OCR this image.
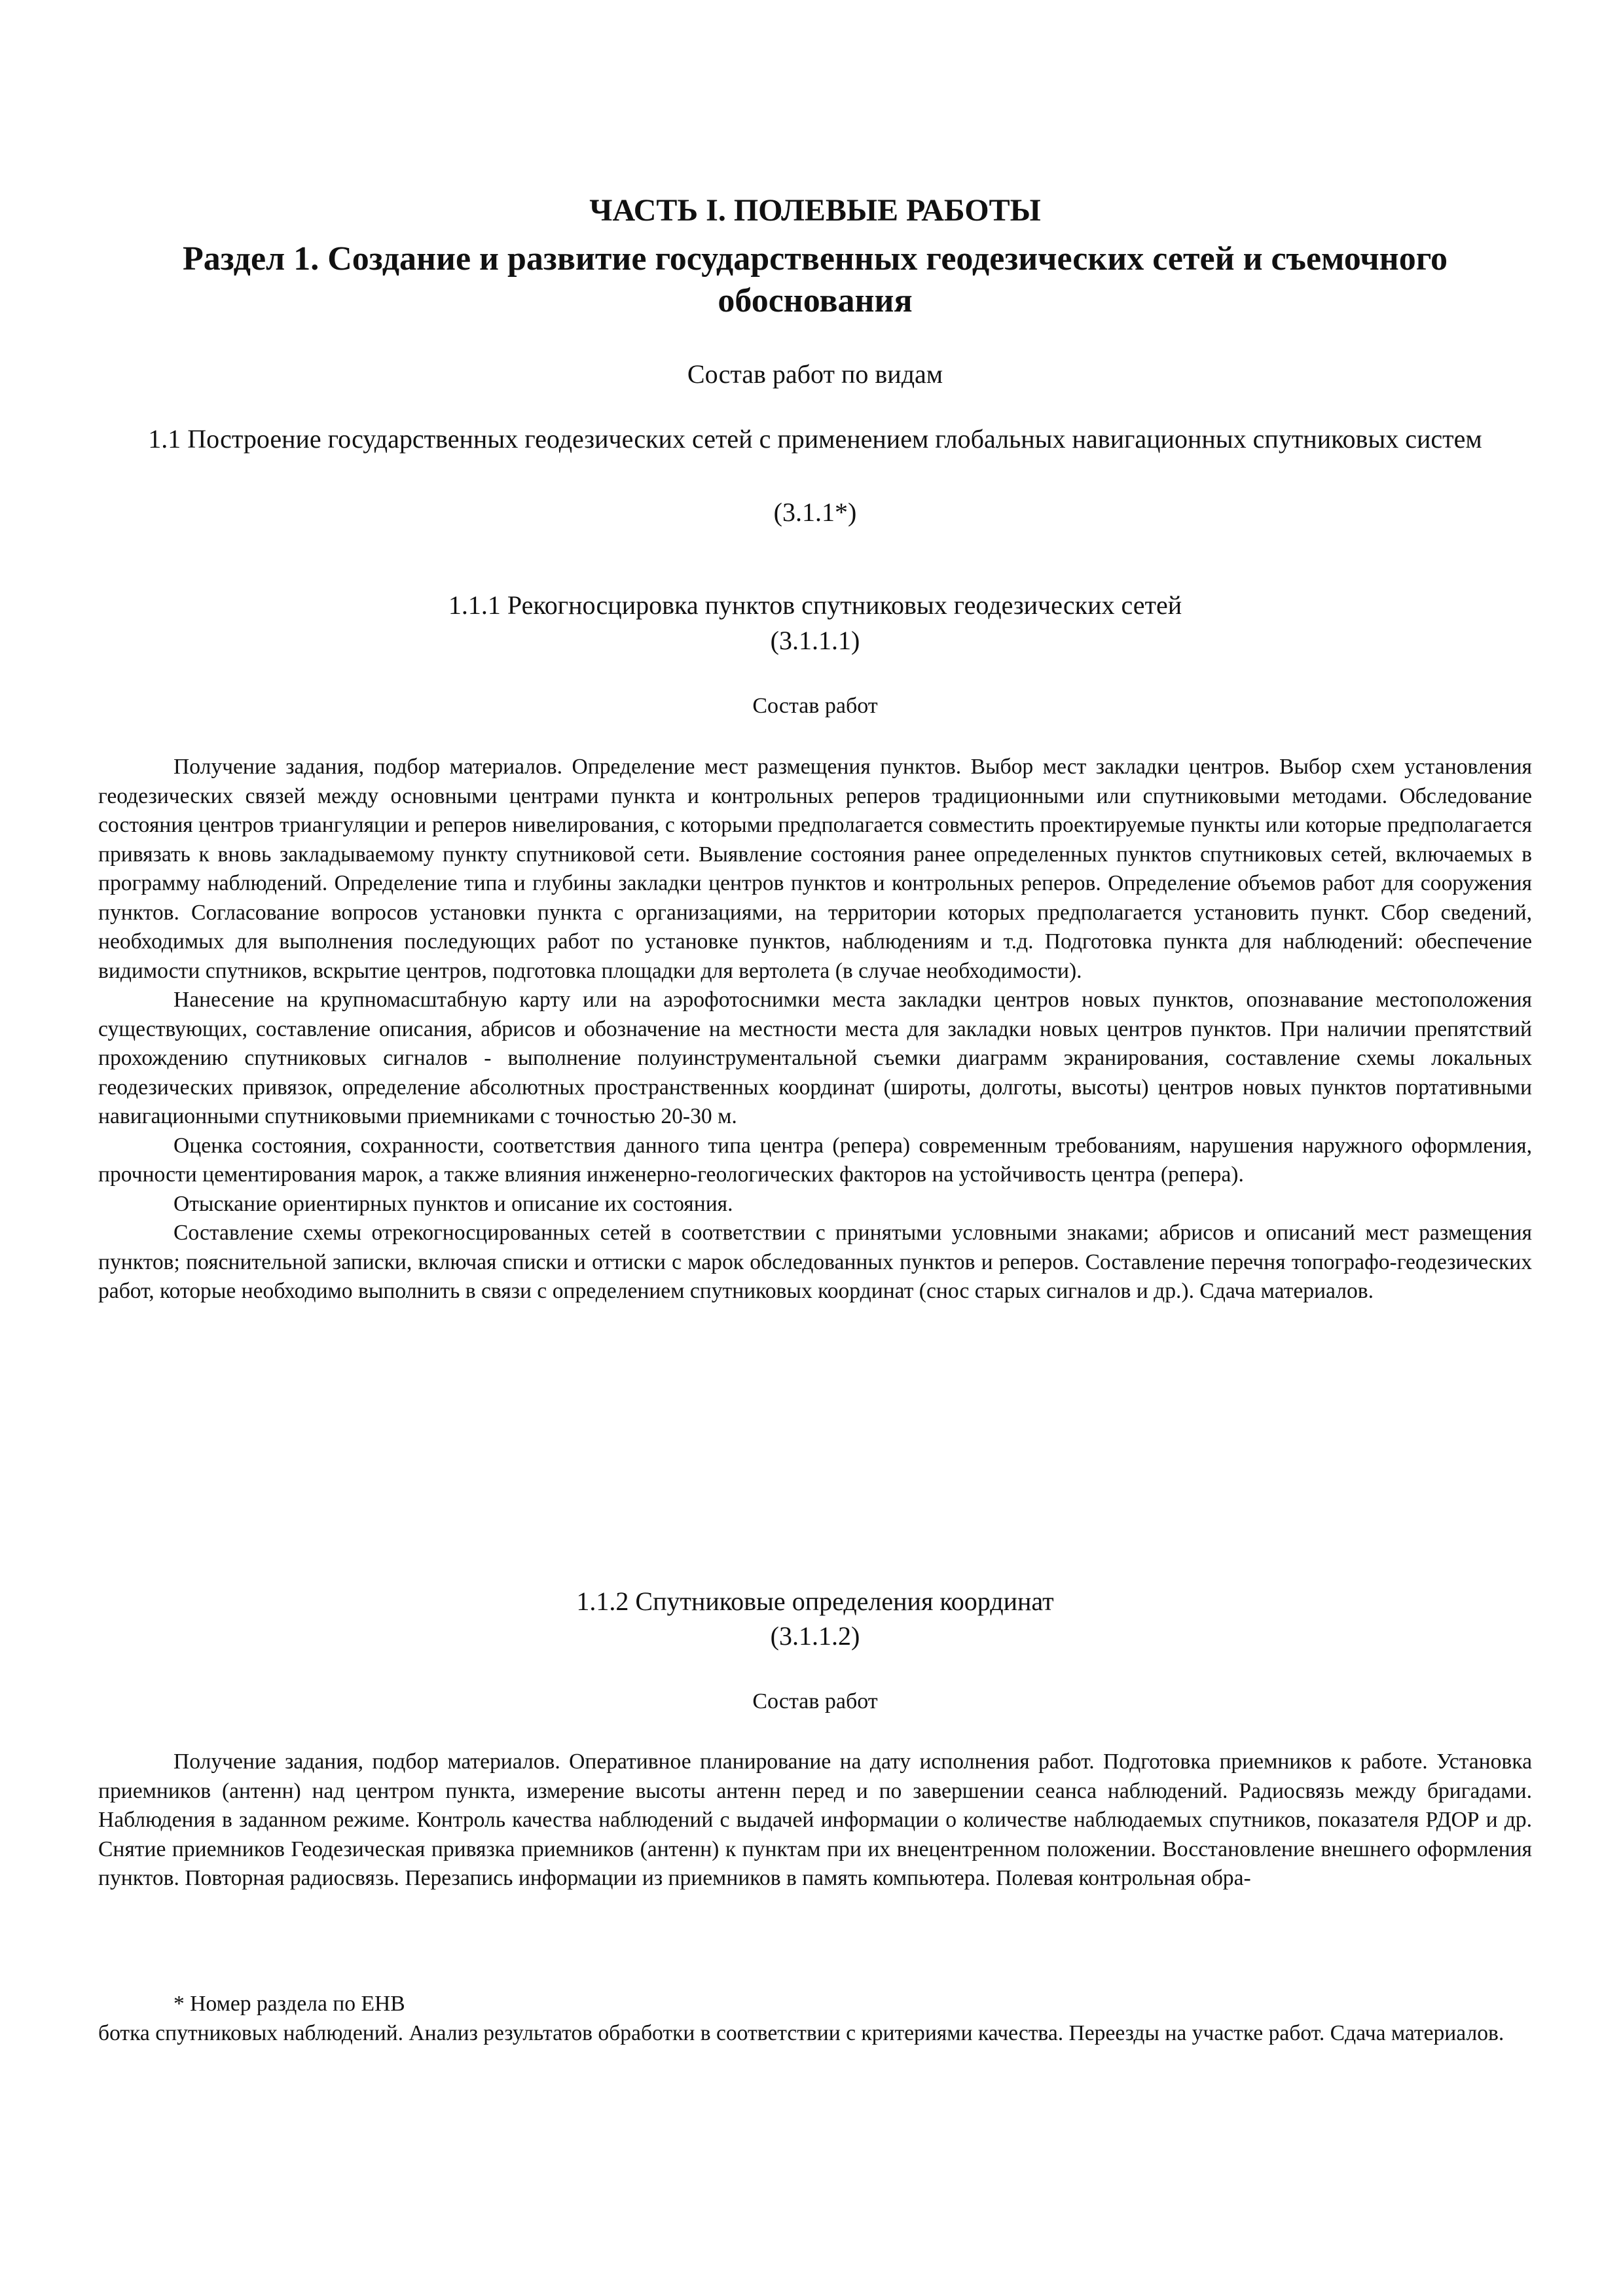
ЧАСТЬ I. ПОЛЕВЫЕ РАБОТЫ
Раздел 1. Создание и развитие государственных геодезических сетей и съемочного обоснования
Состав работ по видам
1.1 Построение государственных геодезических сетей с применением глобальных навигационных спутниковых систем
(3.1.1*)
1.1.1 Рекогносцировка пунктов спутниковых геодезических сетей
(3.1.1.1)
Состав работ

Получение задания, подбор материалов. Определение мест размещения пунктов. Выбор мест закладки центров. Выбор схем установления геодезических связей между основными центрами пункта и контрольных реперов традиционными или спутниковыми методами. Обследование состояния центров триангуляции и реперов нивелирования, с которыми предполагается совместить проектируемые пункты или которые предполагается привязать к вновь закладываемому пункту спутниковой сети. Выявление состояния ранее определенных пунктов спутниковых сетей, включаемых в программу наблюдений. Определение типа и глубины закладки центров пунктов и контрольных реперов. Определение объемов работ для сооружения пунктов. Согласование вопросов установки пункта с организациями, на территории которых предполагается установить пункт. Сбор сведений, необходимых для выполнения последующих работ по установке пунктов, наблюдениям и т.д. Подготовка пункта для наблюдений: обеспечение видимости спутников, вскрытие центров, подготовка площадки для вертолета (в случае необходимости).

Нанесение на крупномасштабную карту или на аэрофотоснимки места закладки центров новых пунктов, опознавание местоположения существующих, составление описания, абрисов и обозначение на местности места для закладки новых центров пунктов. При наличии препятствий прохождению спутниковых сигналов - выполнение полуинструментальной съемки диаграмм экранирования, составление схемы локальных геодезических привязок, определение абсолютных пространственных координат (широты, долготы, высоты) центров новых пунктов портативными навигационными спутниковыми приемниками с точностью 20-30 м.

Оценка состояния, сохранности, соответствия данного типа центра (репера) современным требованиям, нарушения наружного оформления, прочности цементирования марок, а также влияния инженерно-геологических факторов на устойчивость центра (репера).

Отыскание ориентирных пунктов и описание их состояния.

Составление схемы отрекогносцированных сетей в соответствии с принятыми условными знаками; абрисов и описаний мест размещения пунктов; пояснительной записки, включая списки и оттиски с марок обследованных пунктов и реперов. Составление перечня топографо-геодезических работ, которые необходимо выполнить в связи с определением спутниковых координат (снос старых сигналов и др.). Сдача материалов.

1.1.2 Спутниковые определения координат
(3.1.1.2)
Состав работ

Получение задания, подбор материалов. Оперативное планирование на дату исполнения работ. Подготовка приемников к работе. Установка приемников (антенн) над центром пункта, измерение высоты антенн перед и по завершении сеанса наблюдений. Радиосвязь между бригадами. Наблюдения в заданном режиме. Контроль качества наблюдений с выдачей информации о количестве наблюдаемых спутников, показателя РДОР и др. Снятие приемников Геодезическая привязка приемников (антенн) к пунктам при их внецентренном положении. Восстановление внешнего оформления пунктов. Повторная радиосвязь. Перезапись информации из приемников в память компьютера. Полевая контрольная обра-

* Номер раздела по ЕНВ
ботка спутниковых наблюдений. Анализ результатов обработки в соответствии с критериями качества. Переезды на участке работ. Сдача материалов.
